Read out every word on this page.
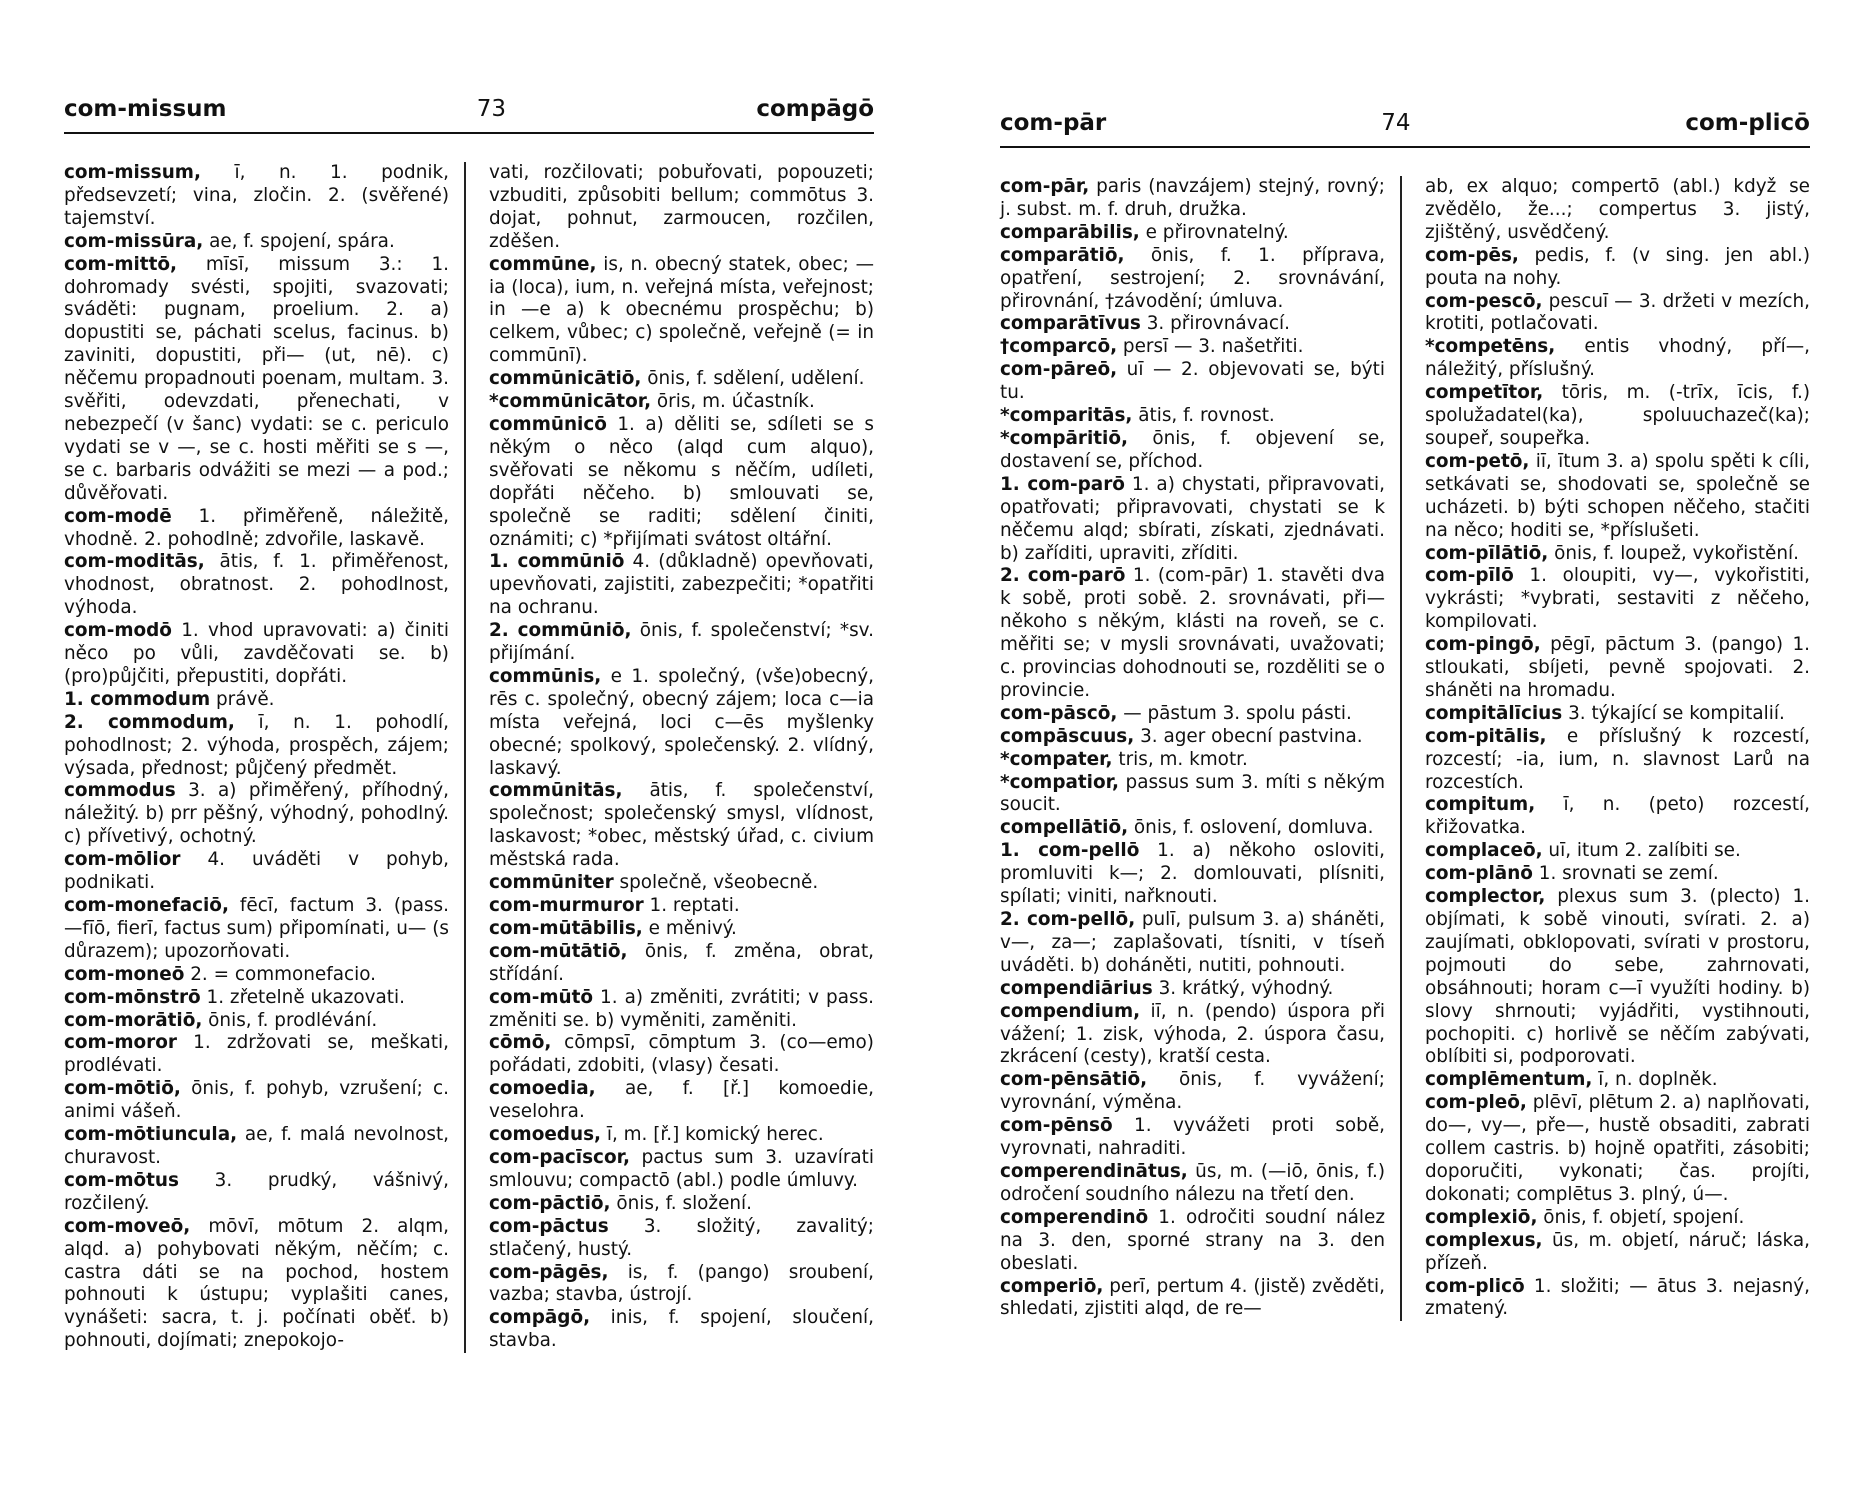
com-missum	73	compāgō

com-missum, ī, n. 1. podnik, předsevzetí; vina, zločin. 2. (svěřené) tajemství.

com-missūra, ae, f. spojení, spára.

com-mittō, mīsī, missum 3.: 1. dohromady svésti, spojiti, svazovati; sváděti: pugnam, proelium. 2. a) dopustiti se, páchati scelus, facinus. b) zaviniti, dopustiti, při— (ut, nē). c) něčemu propadnouti poenam, multam. 3. svěřiti, odevzdati, přenechati, v nebezpečí (v šanc) vydati: se c. periculo vydati se v —, se c. hosti měřiti se s —, se c. barbaris odvážiti se mezi — a pod.; důvěřovati.

com-modē 1. přiměřeně, náležitě, vhodně. 2. pohodlně; zdvořile, laskavě.

com-moditās, ātis, f. 1. přiměřenost, vhodnost, obratnost. 2. pohodlnost, výhoda.

com-modō 1. vhod upravovati: a) činiti něco po vůli, zavděčovati se. b) (pro)půjčiti, přepustiti, dopřáti.

1. commodum právě.

2. commodum, ī, n. 1. pohodlí, pohodlnost; 2. výhoda, prospěch, zájem; výsada, přednost; půjčený předmět.

commodus 3. a) přiměřený, příhodný, náležitý. b) prr pěšný, výhodný, pohodlný. c) přívetivý, ochotný.

com-mōlior 4. uváděti v pohyb, podnikati.

com-monefaciō, fēcī, factum 3. (pass. —fīō, fierī, factus sum) připomínati, u— (s důrazem); upozorňovati.

com-moneō 2. = commonefacio.

com-mōnstrō 1. zřetelně ukazovati.

com-morātiō, ōnis, f. prodlévání.

com-moror 1. zdržovati se, meškati, prodlévati.

com-mōtiō, ōnis, f. pohyb, vzrušení; c. animi vášeň.

com-mōtiuncula, ae, f. malá nevolnost, churavost.

com-mōtus 3. prudký, vášnivý, rozčilený.

com-moveō, mōvī, mōtum 2. alqm, alqd. a) pohybovati někým, něčím; c. castra dáti se na pochod, hostem pohnouti k ústupu; vyplašiti canes, vynášeti: sacra, t. j. počínati oběť. b) pohnouti, dojímati; znepokojo-

vati, rozčilovati; pobuřovati, popouzeti; vzbuditi, způsobiti bellum; commōtus 3. dojat, pohnut, zarmoucen, rozčilen, zděšen.

commūne, is, n. obecný statek, obec; —ia (loca), ium, n. veřejná místa, veřejnost; in —e a) k obecnému prospěchu; b) celkem, vůbec; c) společně, veřejně (= in commūnī).

commūnicātiō, ōnis, f. sdělení, udělení.

*commūnicātor, ōris, m. účastník.

commūnicō 1. a) děliti se, sdíleti se s někým o něco (alqd cum alquo), svěřovati se někomu s něčím, udíleti, dopřáti něčeho. b) smlouvati se, společně se raditi; sdělení činiti, oznámiti; c) *přijímati svátost oltářní.

1. commūniō 4. (důkladně) opevňovati, upevňovati, zajistiti, zabezpečiti; *opatřiti na ochranu.

2. commūniō, ōnis, f. společenství; *sv. přijímání.

commūnis, e 1. společný, (vše)obecný, rēs c. společný, obecný zájem; loca c—ia místa veřejná, loci c—ēs myšlenky obecné; spolkový, společenský. 2. vlídný, laskavý.

commūnitās, ātis, f. společenství, společnost; společenský smysl, vlídnost, laskavost; *obec, městský úřad, c. civium městská rada.

commūniter společně, všeobecně.

com-murmuror 1. reptati.

com-mūtābilis, e měnivý.

com-mūtātiō, ōnis, f. změna, obrat, střídání.

com-mūtō 1. a) změniti, zvrátiti; v pass. změniti se. b) vyměniti, zaměniti.

cōmō, cōmpsī, cōmptum 3. (co—emo) pořádati, zdobiti, (vlasy) česati.

comoedia, ae, f. [ř.] komoedie, veselohra.

comoedus, ī, m. [ř.] komický herec.

com-pacīscor, pactus sum 3. uzavírati smlouvu; compactō (abl.) podle úmluvy.

com-pāctiō, ōnis, f. složení.

com-pāctus 3. složitý, zavalitý; stlačený, hustý.

com-pāgēs, is, f. (pango) sroubení, vazba; stavba, ústrojí.

compāgō, inis, f. spojení, sloučení, stavba.

com-pār	74	com-plicō

com-pār, paris (navzájem) stejný, rovný; j. subst. m. f. druh, družka.

comparābilis, e přirovnatelný.

comparātiō, ōnis, f. 1. příprava, opatření, sestrojení; 2. srovnávání, přirovnání, †závodění; úmluva.

comparātīvus 3. přirovnávací.

†comparcō, persī — 3. našetřiti.

com-pāreō, uī — 2. objevovati se, býti tu.

*comparitās, ātis, f. rovnost.

*compāritiō, ōnis, f. objevení se, dostavení se, příchod.

1. com-parō 1. a) chystati, připravovati, opatřovati; připravovati, chystati se k něčemu alqd; sbírati, získati, zjednávati. b) zaříditi, upraviti, zříditi.

2. com-parō 1. (com-pār) 1. stavěti dva k sobě, proti sobě. 2. srovnávati, při— někoho s někým, klásti na roveň, se c. měřiti se; v mysli srovnávati, uvažovati; c. provincias dohodnouti se, rozděliti se o provincie.

com-pāscō, — pāstum 3. spolu pásti.

compāscuus, 3. ager obecní pastvina.

*compater, tris, m. kmotr.

*compatior, passus sum 3. míti s někým soucit.

compellātiō, ōnis, f. oslovení, domluva.

1. com-pellō 1. a) někoho osloviti, promluviti k—; 2. domlouvati, plísniti, spílati; viniti, nařknouti.

2. com-pellō, pulī, pulsum 3. a) sháněti, v—, za—; zaplašovati, tísniti, v tíseň uváděti. b) doháněti, nutiti, pohnouti.

compendiārius 3. krátký, výhodný.

compendium, iī, n. (pendo) úspora při vážení; 1. zisk, výhoda, 2. úspora času, zkrácení (cesty), kratší cesta.

com-pēnsātiō, ōnis, f. vyvážení; vyrovnání, výměna.

com-pēnsō 1. vyvážeti proti sobě, vyrovnati, nahraditi.

comperendinātus, ūs, m. (—iō, ōnis, f.) odročení soudního nálezu na třetí den.

comperendinō 1. odročiti soudní nález na 3. den, sporné strany na 3. den obeslati.

comperiō, perī, pertum 4. (jistě) zvěděti, shledati, zjistiti alqd, de re—

ab, ex alquo; compertō (abl.) když se zvědělo, že...; compertus 3. jistý, zjištěný, usvědčený.

com-pēs, pedis, f. (v sing. jen abl.) pouta na nohy.

com-pescō, pescuī — 3. držeti v mezích, krotiti, potlačovati.

*competēns, entis vhodný, pří—, náležitý, příslušný.

competītor, tōris, m. (-trīx, īcis, f.) spolužadatel(ka), spoluuchazeč(ka); soupeř, soupeřka.

com-petō, iī, ītum 3. a) spolu spěti k cíli, setkávati se, shodovati se, společně se ucházeti. b) býti schopen něčeho, stačiti na něco; hoditi se, *příslušeti.

com-pīlātiō, ōnis, f. loupež, vykořistění.

com-pīlō 1. oloupiti, vy—, vykořistiti, vykrásti; *vybrati, sestaviti z něčeho, kompilovati.

com-pingō, pēgī, pāctum 3. (pango) 1. stloukati, sbíjeti, pevně spojovati. 2. sháněti na hromadu.

compitālīcius 3. týkající se kompitalií.

com-pitālis, e příslušný k rozcestí, rozcestí; -ia, ium, n. slavnost Larů na rozcestích.

compitum, ī, n. (peto) rozcestí, křižovatka.

complaceō, uī, itum 2. zalíbiti se.

com-plānō 1. srovnati se zemí.

complector, plexus sum 3. (plecto) 1. objímati, k sobě vinouti, svírati. 2. a) zaujímati, obklopovati, svírati v prostoru, pojmouti do sebe, zahrnovati, obsáhnouti; horam c—ī využíti hodiny. b) slovy shrnouti; vyjádřiti, vystihnouti, pochopiti. c) horlivě se něčím zabývati, oblíbiti si, podporovati.

complēmentum, ī, n. doplněk.

com-pleō, plēvī, plētum 2. a) naplňovati, do—, vy—, pře—, hustě obsaditi, zabrati collem castris. b) hojně opatřiti, zásobiti; doporučiti, vykonati; čas. projíti, dokonati; complētus 3. plný, ú—.

complexiō, ōnis, f. objetí, spojení.

complexus, ūs, m. objetí, náruč; láska, přízeň.

com-plicō 1. složiti; — ātus 3. nejasný, zmatený.
